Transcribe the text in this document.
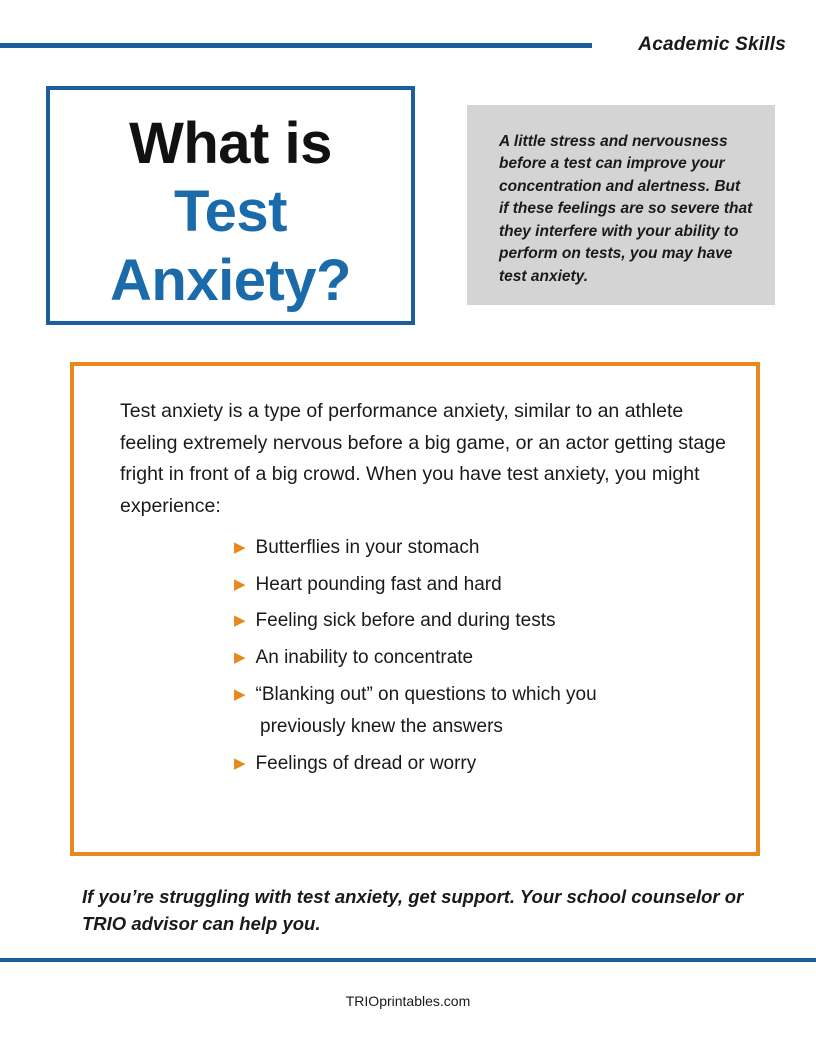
Academic Skills
What is
Test
Anxiety?

A little stress and nervousness before a test can improve your concentration and alertness. But if these feelings are so severe that they interfere with your ability to perform on tests, you may have test anxiety.

Test anxiety is a type of performance anxiety, similar to an athlete feeling extremely nervous before a big game, or an actor getting stage fright in front of a big crowd. When you have test anxiety, you might experience:
▶ Butterflies in your stomach
▶ Heart pounding fast and hard
▶ Feeling sick before and during tests
▶ An inability to concentrate
▶ “Blanking out” on questions to which you
previously knew the answers
▶ Feelings of dread or worry
If you’re struggling with test anxiety, get support. Your school counselor or TRIO advisor can help you.
TRIOprintables.com
